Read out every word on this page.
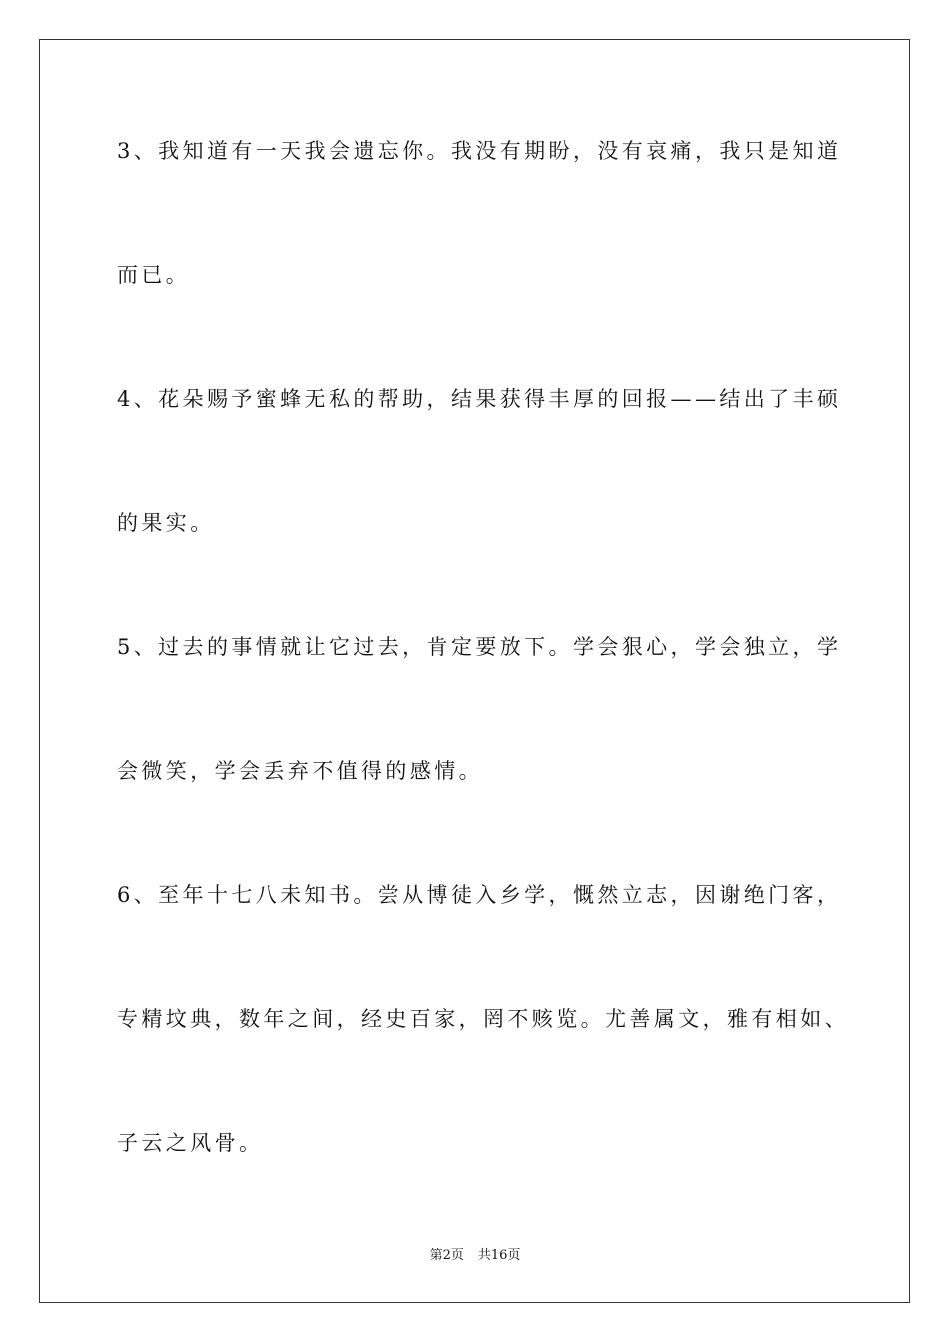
3、我知道有一天我会遗忘你。我没有期盼，没有哀痛，我只是知道
而已。
4、花朵赐予蜜蜂无私的帮助，结果获得丰厚的回报——结出了丰硕
的果实。
5、过去的事情就让它过去，肯定要放下。学会狠心，学会独立，学
会微笑，学会丢弃不值得的感情。
6、至年十七八未知书。尝从博徒入乡学，慨然立志，因谢绝门客，
专精坟典，数年之间，经史百家，罔不赅览。尤善属文，雅有相如、
子云之风骨。
第2页 共16页
